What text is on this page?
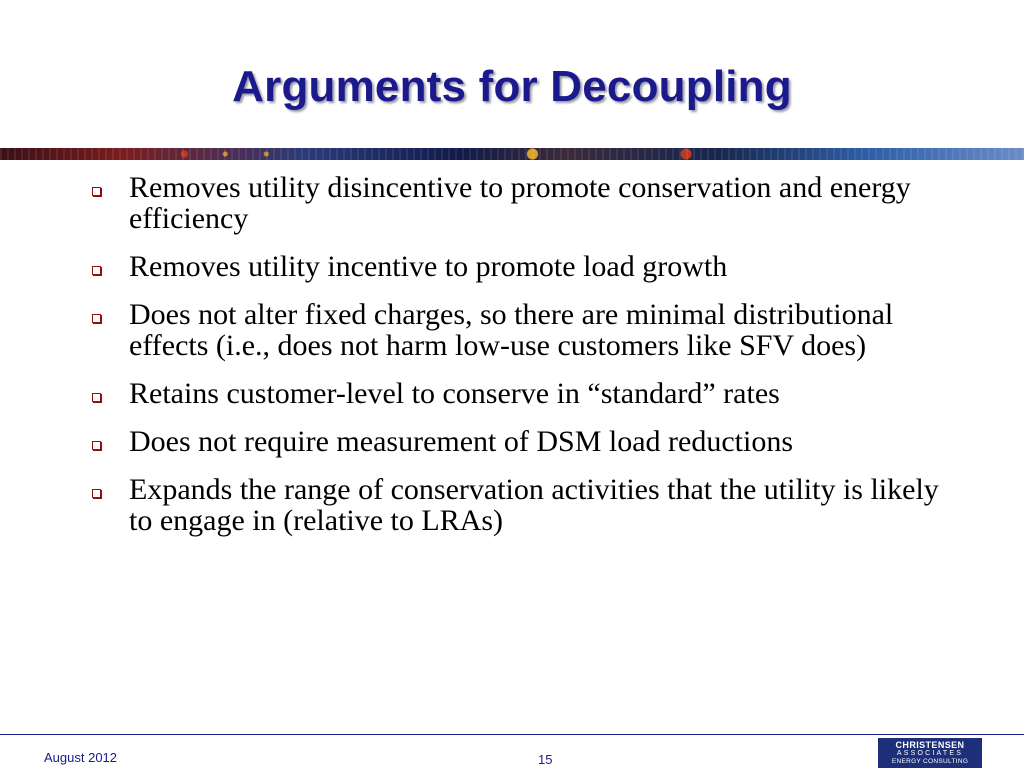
Arguments for Decoupling
Removes utility disincentive to promote conservation and energy efficiency
Removes utility incentive to promote load growth
Does not alter fixed charges, so there are minimal distributional effects (i.e., does not harm low-use customers like SFV does)
Retains customer-level to conserve in “standard” rates
Does not require measurement of DSM load reductions
Expands the range of conservation activities that the utility is likely to engage in (relative to LRAs)
August 2012	15
CHRISTENSEN
ASSOCIATES
ENERGY CONSULTING
